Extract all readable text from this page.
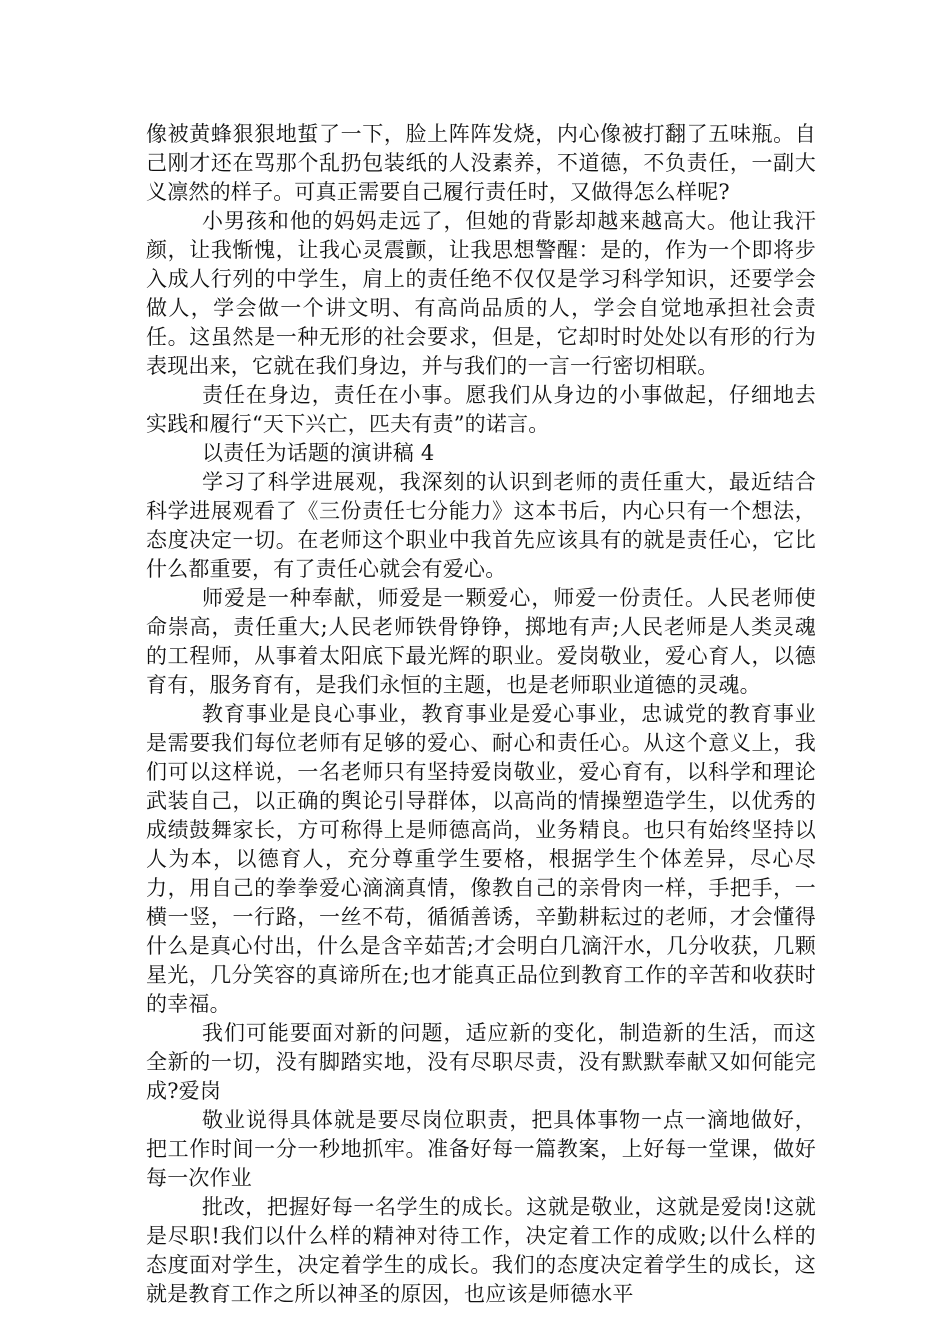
像被黄蜂狠狠地蜇了一下，脸上阵阵发烧，内心像被打翻了五味瓶。自己刚才还在骂那个乱扔包装纸的人没素养，不道德，不负责任，一副大义凛然的样子。可真正需要自己履行责任时，又做得怎么样呢?

小男孩和他的妈妈走远了，但她的背影却越来越高大。他让我汗颜，让我惭愧，让我心灵震颤，让我思想警醒：是的，作为一个即将步入成人行列的中学生，肩上的责任绝不仅仅是学习科学知识，还要学会做人，学会做一个讲文明、有高尚品质的人，学会自觉地承担社会责任。这虽然是一种无形的社会要求，但是，它却时时处处以有形的行为表现出来，它就在我们身边，并与我们的一言一行密切相联。

责任在身边，责任在小事。愿我们从身边的小事做起，仔细地去实践和履行“天下兴亡，匹夫有责”的诺言。

以责任为话题的演讲稿 4

学习了科学进展观，我深刻的认识到老师的责任重大，最近结合科学进展观看了《三份责任七分能力》这本书后，内心只有一个想法，态度决定一切。在老师这个职业中我首先应该具有的就是责任心，它比什么都重要，有了责任心就会有爱心。

师爱是一种奉献，师爱是一颗爱心，师爱一份责任。人民老师使命崇高，责任重大;人民老师铁骨铮铮，掷地有声;人民老师是人类灵魂的工程师，从事着太阳底下最光辉的职业。爱岗敬业，爱心育人，以德育有，服务育有，是我们永恒的主题，也是老师职业道德的灵魂。

教育事业是良心事业，教育事业是爱心事业，忠诚党的教育事业是需要我们每位老师有足够的爱心、耐心和责任心。从这个意义上，我们可以这样说，一名老师只有坚持爱岗敬业，爱心育有，以科学和理论武装自己，以正确的舆论引导群体，以高尚的情操塑造学生，以优秀的成绩鼓舞家长，方可称得上是师德高尚，业务精良。也只有始终坚持以人为本，以德育人，充分尊重学生要格，根据学生个体差异，尽心尽力，用自己的拳拳爱心滴滴真情，像教自己的亲骨肉一样，手把手，一横一竖，一行路，一丝不苟，循循善诱，辛勤耕耘过的老师，才会懂得什么是真心付出，什么是含辛茹苦;才会明白几滴汗水，几分收获，几颗星光，几分笑容的真谛所在;也才能真正品位到教育工作的辛苦和收获时的幸福。

我们可能要面对新的问题，适应新的变化，制造新的生活，而这全新的一切，没有脚踏实地，没有尽职尽责，没有默默奉献又如何能完成?爱岗

敬业说得具体就是要尽岗位职责，把具体事物一点一滴地做好，把工作时间一分一秒地抓牢。准备好每一篇教案，上好每一堂课，做好每一次作业

批改，把握好每一名学生的成长。这就是敬业，这就是爱岗!这就是尽职!我们以什么样的精神对待工作，决定着工作的成败;以什么样的态度面对学生，决定着学生的成长。我们的态度决定着学生的成长，这就是教育工作之所以神圣的原因，也应该是师德水平
